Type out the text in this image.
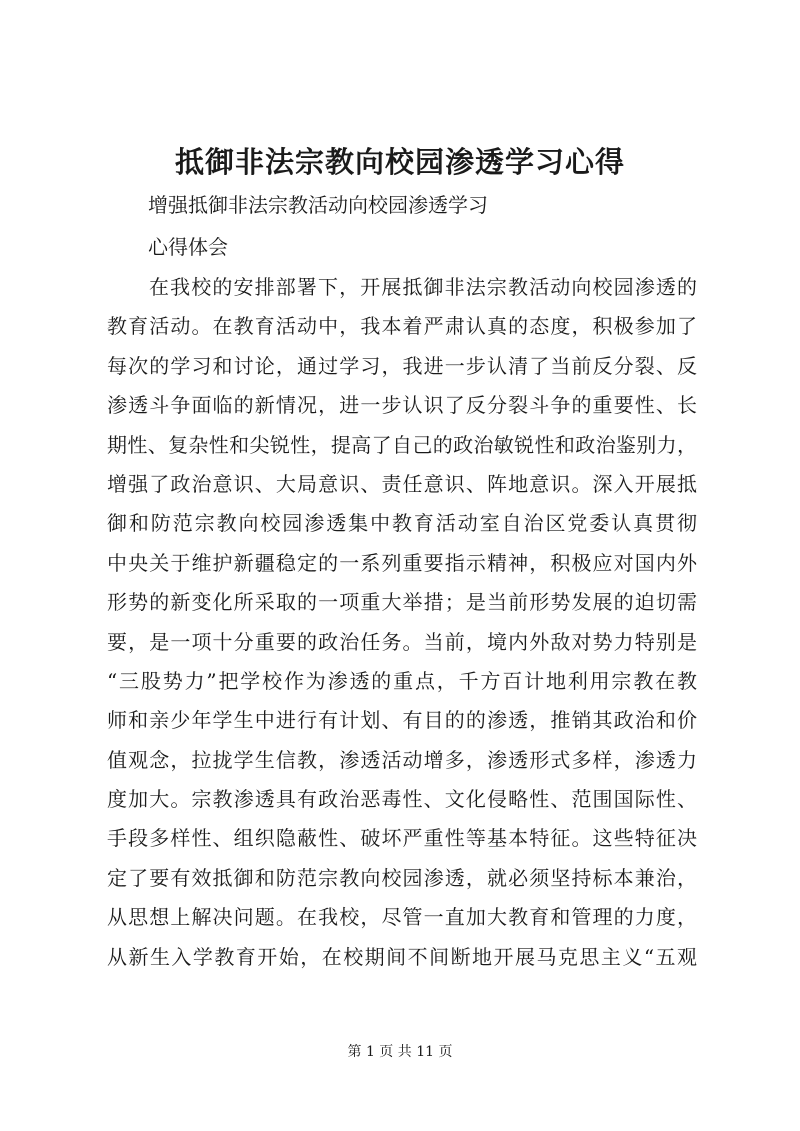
抵御非法宗教向校园渗透学习心得
增强抵御非法宗教活动向校园渗透学习
心得体会
在我校的安排部署下，开展抵御非法宗教活动向校园渗透的
教育活动。在教育活动中，我本着严肃认真的态度，积极参加了
每次的学习和讨论，通过学习，我进一步认清了当前反分裂、反
渗透斗争面临的新情况，进一步认识了反分裂斗争的重要性、长
期性、复杂性和尖锐性，提高了自己的政治敏锐性和政治鉴别力，
增强了政治意识、大局意识、责任意识、阵地意识。深入开展抵
御和防范宗教向校园渗透集中教育活动室自治区党委认真贯彻
中央关于维护新疆稳定的一系列重要指示精神，积极应对国内外
形势的新变化所采取的一项重大举措；是当前形势发展的迫切需
要，是一项十分重要的政治任务。当前，境内外敌对势力特别是
“三股势力”把学校作为渗透的重点，千方百计地利用宗教在教
师和亲少年学生中进行有计划、有目的的渗透，推销其政治和价
值观念，拉拢学生信教，渗透活动增多，渗透形式多样，渗透力
度加大。宗教渗透具有政治恶毒性、文化侵略性、范围国际性、
手段多样性、组织隐蔽性、破坏严重性等基本特征。这些特征决
定了要有效抵御和防范宗教向校园渗透，就必须坚持标本兼治，
从思想上解决问题。在我校，尽管一直加大教育和管理的力度，
从新生入学教育开始，在校期间不间断地开展马克思主义“五观
第 1 页 共 11 页
